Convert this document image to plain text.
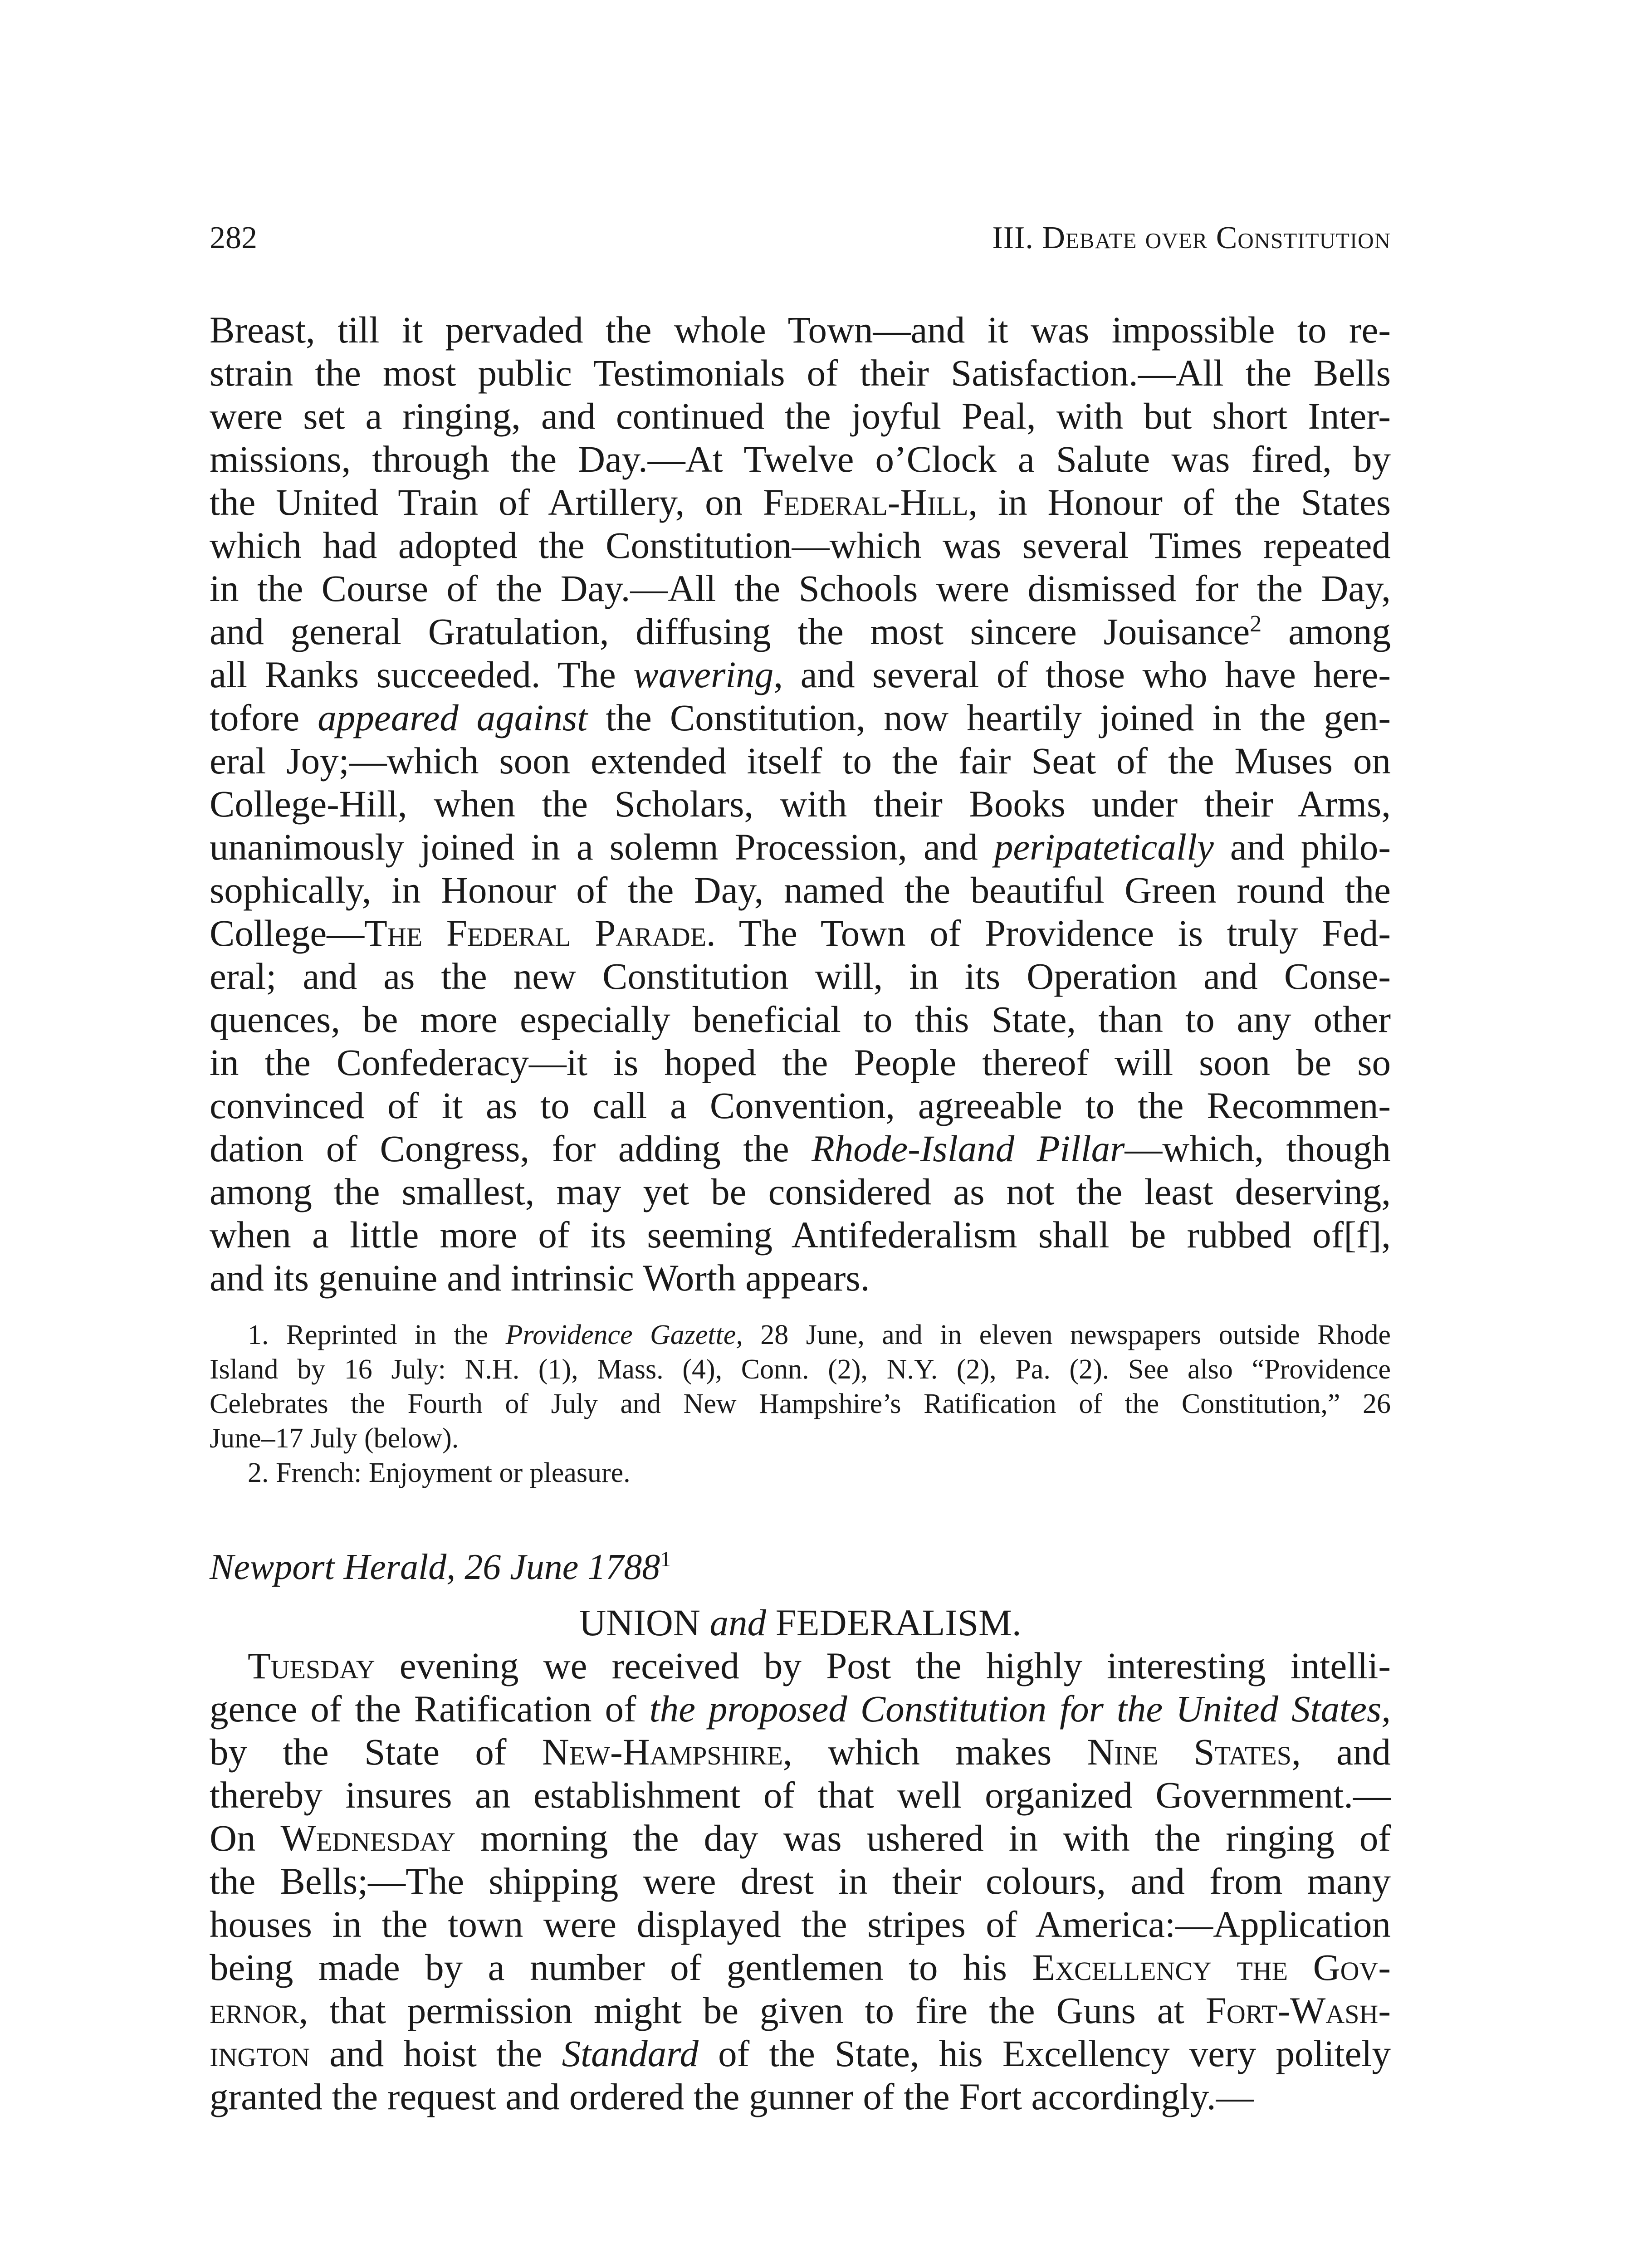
282	III. Debate over Constitution
Breast, till it pervaded the whole Town—and it was impossible to re-
strain the most public Testimonials of their Satisfaction.—All the Bells
were set a ringing, and continued the joyful Peal, with but short Inter-
missions, through the Day.—At Twelve o’Clock a Salute was fired, by
the United Train of Artillery, on Federal-Hill, in Honour of the States
which had adopted the Constitution—which was several Times repeated
in the Course of the Day.—All the Schools were dismissed for the Day,
and general Gratulation, diffusing the most sincere Jouisance$^2$ among
all Ranks succeeded. The wavering, and several of those who have here-
tofore appeared against the Constitution, now heartily joined in the gen-
eral Joy;—which soon extended itself to the fair Seat of the Muses on
College-Hill, when the Scholars, with their Books under their Arms,
unanimously joined in a solemn Procession, and peripatetically and philo-
sophically, in Honour of the Day, named the beautiful Green round the
College—The Federal Parade. The Town of Providence is truly Fed-
eral; and as the new Constitution will, in its Operation and Conse-
quences, be more especially beneficial to this State, than to any other
in the Confederacy—it is hoped the People thereof will soon be so
convinced of it as to call a Convention, agreeable to the Recommen-
dation of Congress, for adding the Rhode-Island Pillar—which, though
among the smallest, may yet be considered as not the least deserving,
when a little more of its seeming Antifederalism shall be rubbed of[f],
and its genuine and intrinsic Worth appears.
1. Reprinted in the Providence Gazette, 28 June, and in eleven newspapers outside Rhode
Island by 16 July: N.H. (1), Mass. (4), Conn. (2), N.Y. (2), Pa. (2). See also “Providence
Celebrates the Fourth of July and New Hampshire’s Ratification of the Constitution,” 26
June–17 July (below).
2. French: Enjoyment or pleasure.
Newport Herald, 26 June 1788$^1$
UNION and FEDERALISM.
Tuesday evening we received by Post the highly interesting intelli-
gence of the Ratification of the proposed Constitution for the United States,
by the State of New-Hampshire, which makes Nine States, and
thereby insures an establishment of that well organized Government.—
On Wednesday morning the day was ushered in with the ringing of
the Bells;—The shipping were drest in their colours, and from many
houses in the town were displayed the stripes of America:—Application
being made by a number of gentlemen to his Excellency the Gov-
ernor, that permission might be given to fire the Guns at Fort-Wash-
ington and hoist the Standard of the State, his Excellency very politely
granted the request and ordered the gunner of the Fort accordingly.—
